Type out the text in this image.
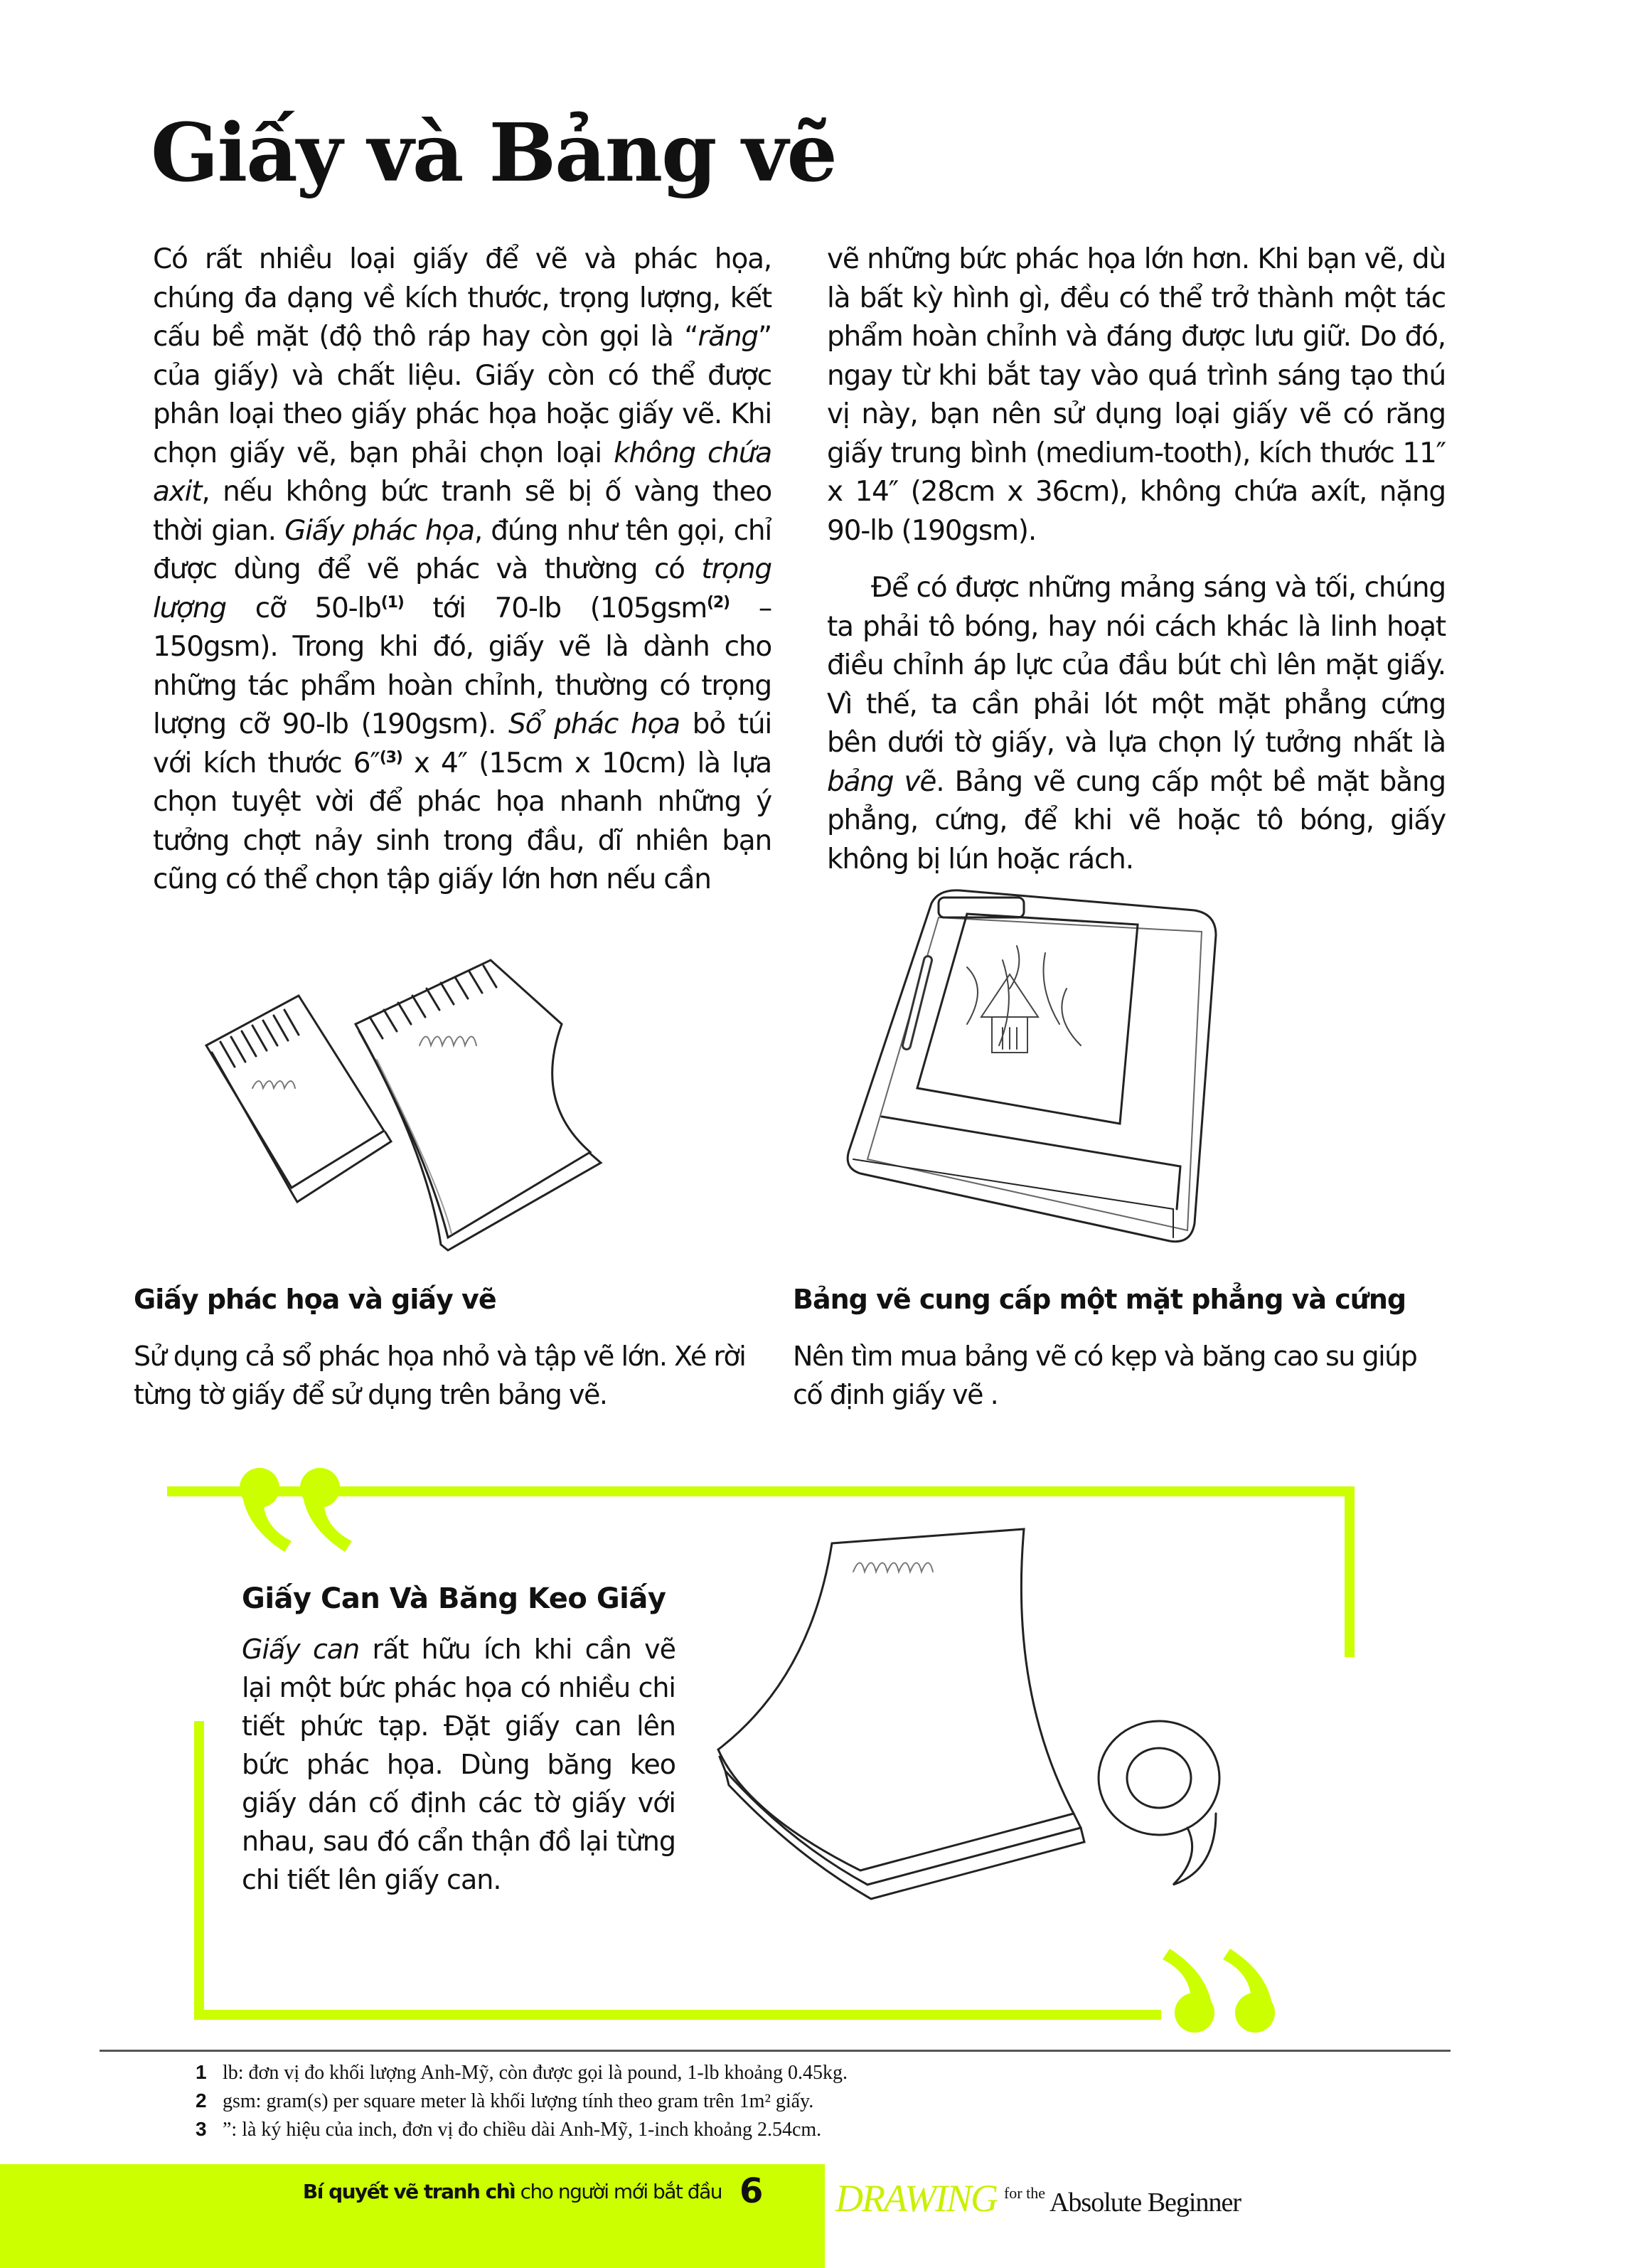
Giấy và Bảng vẽ

Có rất nhiều loại giấy để vẽ và phác họa, chúng đa dạng về kích thước, trọng lượng, kết cấu bề mặt (độ thô ráp hay còn gọi là “răng” của giấy) và chất liệu. Giấy còn có thể được phân loại theo giấy phác họa hoặc giấy vẽ. Khi chọn giấy vẽ, bạn phải chọn loại không chứa axit, nếu không bức tranh sẽ bị ố vàng theo thời gian. Giấy phác họa, đúng như tên gọi, chỉ được dùng để vẽ phác và thường có trọng lượng cỡ $50-lb^{(1)}$ tới 70-lb (105gsm$^{(2)}$ – 150gsm). Trong khi đó, giấy vẽ là dành cho những tác phẩm hoàn chỉnh, thường có trọng lượng cỡ 90-lb (190gsm). Sổ phác họa bỏ túi với kích thước 6″$^{(3)}$ x 4″ (15cm x 10cm) là lựa chọn tuyệt vời để phác họa nhanh những ý tưởng chợt nảy sinh trong đầu, dĩ nhiên bạn cũng có thể chọn tập giấy lớn hơn nếu cần

vẽ những bức phác họa lớn hơn. Khi bạn vẽ, dù là bất kỳ hình gì, đều có thể trở thành một tác phẩm hoàn chỉnh và đáng được lưu giữ. Do đó, ngay từ khi bắt tay vào quá trình sáng tạo thú vị này, bạn nên sử dụng loại giấy vẽ có răng giấy trung bình (medium-tooth), kích thước 11″ x 14″ (28cm x 36cm), không chứa axít, nặng 90-lb (190gsm).

Để có được những mảng sáng và tối, chúng ta phải tô bóng, hay nói cách khác là linh hoạt điều chỉnh áp lực của đầu bút chì lên mặt giấy. Vì thế, ta cần phải lót một mặt phẳng cứng bên dưới tờ giấy, và lựa chọn lý tưởng nhất là bảng vẽ. Bảng vẽ cung cấp một bề mặt bằng phẳng, cứng, để khi vẽ hoặc tô bóng, giấy không bị lún hoặc rách.

Giấy phác họa và giấy vẽ
Sử dụng cả sổ phác họa nhỏ và tập vẽ lớn. Xé rời từng tờ giấy để sử dụng trên bảng vẽ.
Bảng vẽ cung cấp một mặt phẳng và cứng
Nên tìm mua bảng vẽ có kẹp và băng cao su giúp cố định giấy vẽ .
Giấy Can Và Băng Keo Giấy
Giấy can rất hữu ích khi cần vẽ lại một bức phác họa có nhiều chi tiết phức tạp. Đặt giấy can lên bức phác họa. Dùng băng keo giấy dán cố định các tờ giấy với nhau, sau đó cẩn thận đồ lại từng chi tiết lên giấy can.
1 lb: đơn vị đo khối lượng Anh-Mỹ, còn được gọi là pound, 1-lb khoảng 0.45kg.
2 gsm: gram(s) per square meter là khối lượng tính theo gram trên 1m² giấy.
3 ”: là ký hiệu của inch, đơn vị đo chiều dài Anh-Mỹ, 1-inch khoảng 2.54cm.
Bí quyết vẽ tranh chì cho người mới bắt đầu 6 DRAWING for the Absolute Beginner
